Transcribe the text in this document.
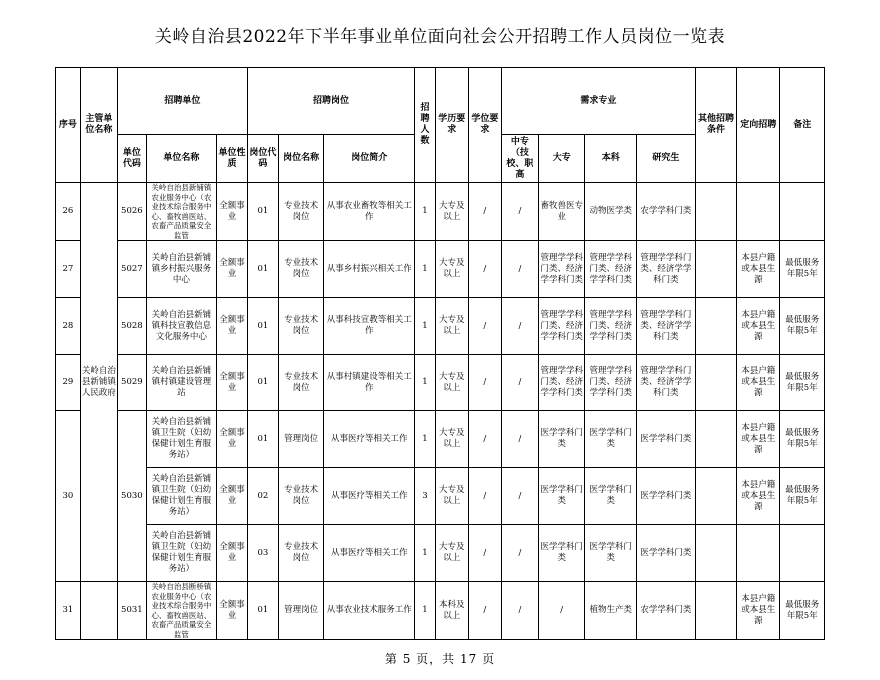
关岭自治县2022年下半年事业单位面向社会公开招聘工作人员岗位一览表
序号	主管单位名称	招聘单位			招聘岗位			招聘人数	学历要求	学位要求	需求专业				其他招聘条件	定向招聘	备注
		单位代码	单位名称	单位性质	岗位代码	岗位名称	岗位简介				中专（技校、职高	大专	本科	研究生			
26	关岭自治县新铺镇人民政府	5026	关岭自治县新铺镇农业服务中心（农业技术综合服务中心、畜牧兽医站、农畜产品质量安全监管	全额事业	01	专业技术岗位	从事农业畜牧等相关工作	1	大专及以上	/	/	畜牧兽医专业	动物医学类	农学学科门类			
27		5027	关岭自治县新铺镇乡村振兴服务中心	全额事业	01	专业技术岗位	从事乡村振兴相关工作	1	大专及以上	/	/	管理学学科门类、经济学学科门类	管理学学科门类、经济学学科门类	管理学学科门类、经济学学科门类		本县户籍或本县生源	最低服务年限5年
28		5028	关岭自治县新铺镇科技宣教信息文化服务中心	全额事业	01	专业技术岗位	从事科技宣教等相关工作	1	大专及以上	/	/	管理学学科门类、经济学学科门类	管理学学科门类、经济学学科门类	管理学学科门类、经济学学科门类		本县户籍或本县生源	最低服务年限5年
29		5029	关岭自治县新铺镇村镇建设管理站	全额事业	01	专业技术岗位	从事村镇建设等相关工作	1	大专及以上	/	/	管理学学科门类、经济学学科门类	管理学学科门类、经济学学科门类	管理学学科门类、经济学学科门类		本县户籍或本县生源	最低服务年限5年
30		5030	关岭自治县新铺镇卫生院（妇幼保健计划生育服务站）	全额事业	01	管理岗位	从事医疗等相关工作	1	大专及以上	/	/	医学学科门类	医学学科门类	医学学科门类		本县户籍或本县生源	最低服务年限5年
			关岭自治县新铺镇卫生院（妇幼保健计划生育服务站）	全额事业	02	专业技术岗位	从事医疗等相关工作	3	大专及以上	/	/	医学学科门类	医学学科门类	医学学科门类		本县户籍或本县生源	最低服务年限5年
			关岭自治县新铺镇卫生院（妇幼保健计划生育服务站）	全额事业	03	专业技术岗位	从事医疗等相关工作	1	大专及以上	/	/	医学学科门类	医学学科门类	医学学科门类			
31		5031	关岭自治县断桥镇农业服务中心（农业技术综合服务中心、畜牧兽医站、农畜产品质量安全监管	全额事业	01	管理岗位	从事农业技术服务工作	1	本科及以上	/	/	/	植物生产类	农学学科门类		本县户籍或本县生源	最低服务年限5年
第 5 页，共 17 页
